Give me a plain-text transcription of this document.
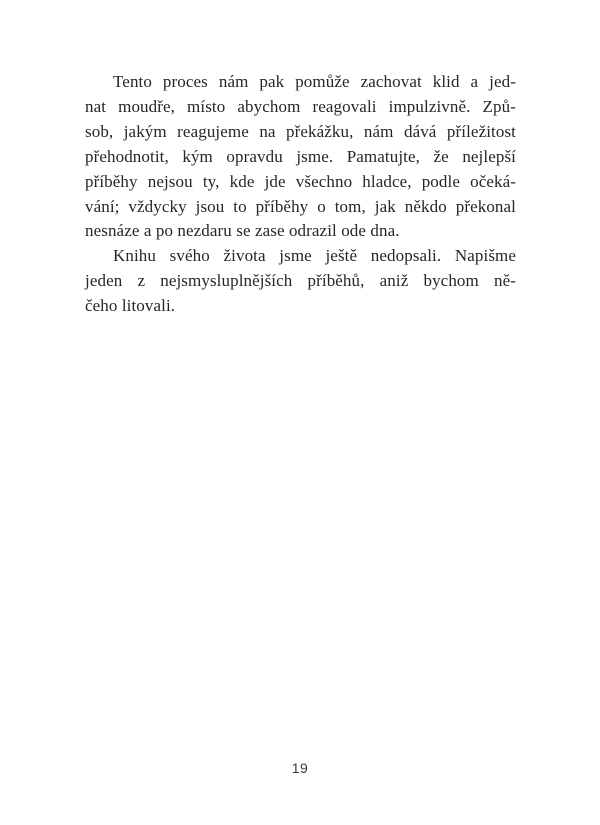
Tento proces nám pak pomůže zachovat klid a jed-
nat moudře, místo abychom reagovali impulzivně. Způ-
sob, jakým reagujeme na překážku, nám dává příležitost
přehodnotit, kým opravdu jsme. Pamatujte, že nejlepší
příběhy nejsou ty, kde jde všechno hladce, podle očeká-
vání; vždycky jsou to příběhy o tom, jak někdo překonal
nesnáze a po nezdaru se zase odrazil ode dna.

Knihu svého života jsme ještě nedopsali. Napišme
jeden z nejsmysluplnějších příběhů, aniž bychom ně-
čeho litovali.

19
